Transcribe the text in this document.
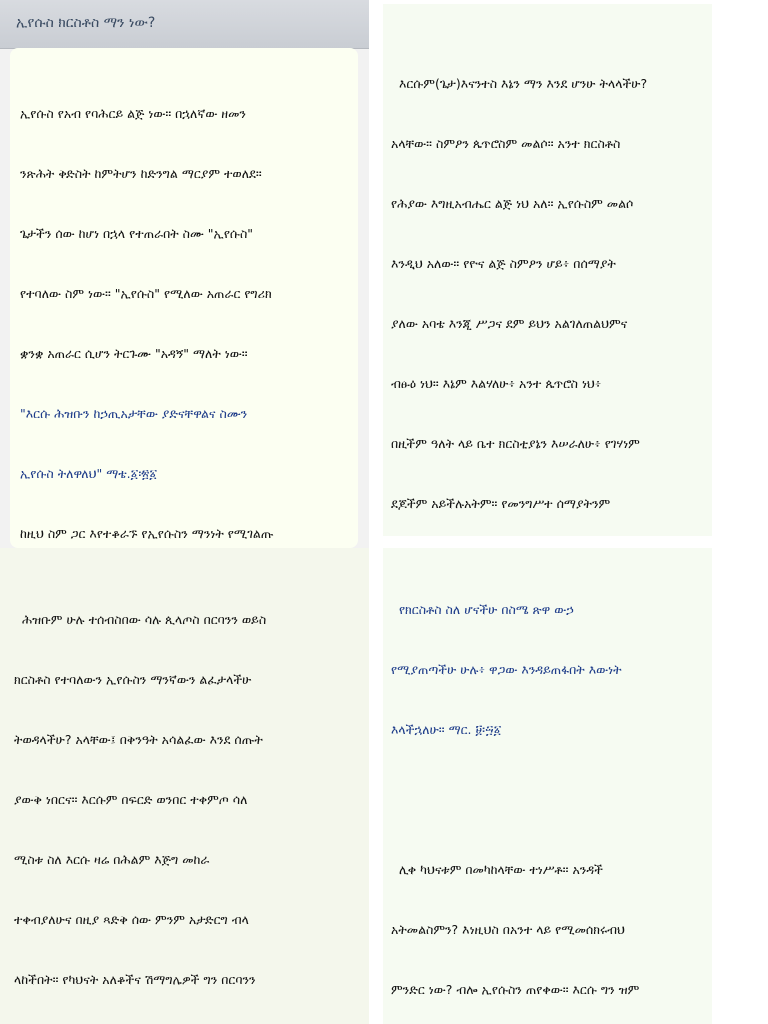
ኢየሱስ ክርስቶስ ማን ነው?

ኢየሱስ የአብ የባሕርይ ልጅ ነው። በኋለኛው ዘመን

ንጽሕት ቅድስት ከምትሆን ከድንግል ማርያም ተወለደ።

ጌታችን ሰው ከሆነ በኋላ የተጠራበት ስሙ "ኢየሱስ"

የተባለው ስም ነው። "ኢየሱስ" የሚለው አጠራር የግሪክ

ቋንቋ አጠራር ሲሆን ትርጉሙ "አዳኝ" ማለት ነው።

"እርሱ ሕዝቡን ከኃጢአታቸው ያድናቸዋልና ስሙን

ኢየሱስ ትለዋለህ" ማቴ.፩፡፳፩

ከዚህ ስም ጋር እየተቆራኙ የኢየሱስን ማንነት የሚገልጡ

እርሱም(ጌታ)እናንተስ እኔን ማን እንደ ሆንሁ ትላላችሁ?

አላቸው። ስምዖን ጴጥሮስም መልሶ። አንተ ክርስቶስ

የሕያው እግዚአብሔር ልጅ ነህ አለ። ኢየሱስም መልሶ

እንዲህ አለው። የዮና ልጅ ስምዖን ሆይ፥ በሰማያት

ያለው አባቴ እንጂ ሥጋና ደም ይህን አልገለጠልህምና

ብፁዕ ነህ። እኔም እልሃለሁ፥ አንተ ጴጥሮስ ነህ፥

በዚችም ዓለት ላይ ቤተ ክርስቲያኔን እሠራለሁ፥ የገሃነም

ደጆችም አይችሉአትም። የመንግሥተ ሰማያትንም

ሕዝቡም ሁሉ ተሰብስበው ሳሉ ጲላጦስ በርባንን ወይስ

ክርስቶስ የተባለውን ኢየሱስን ማንኛውን ልፈታላችሁ

ትወዳላችሁ? አላቸው፤ በቅንዓት አሳልፈው እንደ ሰጡት

ያውቅ ነበርና። እርሱም በፍርድ ወንበር ተቀምጦ ሳለ

ሚስቱ ስለ እርሱ ዛሬ በሕልም እጅግ መከራ

ተቀብያለሁና በዚያ ጻድቅ ሰው ምንም አታድርግ ብላ

ላከችበት። የካህናት አለቆችና ሽማግሌዎች ግን በርባንን

የክርስቶስ ስለ ሆናችሁ በስሜ ጽዋ ውኃ

የሚያጠጣችሁ ሁሉ፥ ዋጋው እንዳይጠፋበት እውነት

እላችኋለሁ። ማር. ፱፡፵፩

ሊቀ ካህናቱም በመካከላቸው ተነሥቶ። አንዳች

አትመልስምን? እነዚህስ በአንተ ላይ የሚመሰክሩብህ

ምንድር ነው? ብሎ ኢየሱስን ጠየቀው። እርሱ ግን ዝም
